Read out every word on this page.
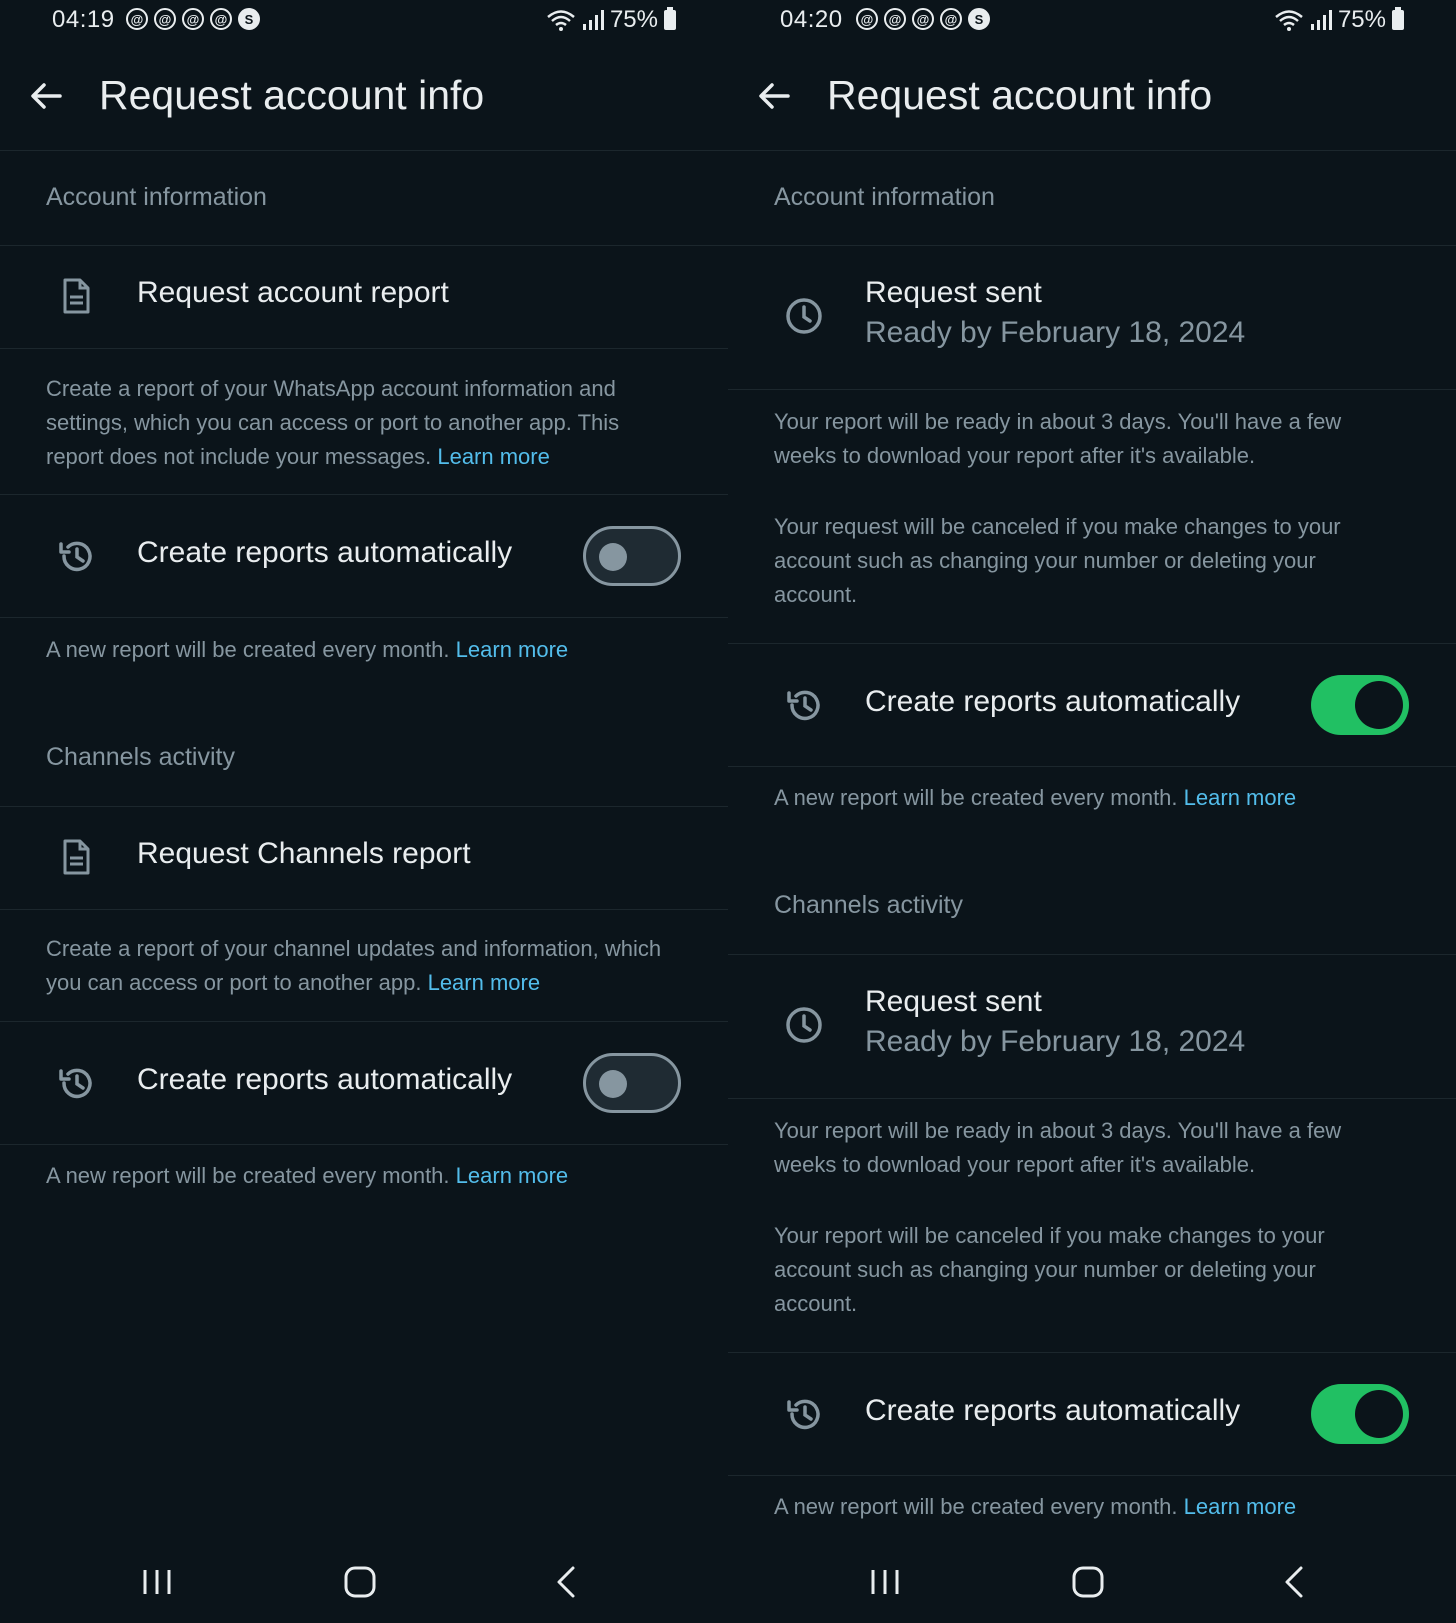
04:19	@	@	@	@	S	75%
Request account info
Account information
Request account report
Create a report of your WhatsApp account information and settings, which you can access or port to another app. This report does not include your messages. Learn more
Create reports automatically
A new report will be created every month. Learn more
Channels activity
Request Channels report
Create a report of your channel updates and information, which you can access or port to another app. Learn more
Create reports automatically
A new report will be created every month. Learn more
04:20	@	@	@	@	S	75%
Request account info
Account information
Request sent
Ready by February 18, 2024
Your report will be ready in about 3 days. You'll have a few weeks to download your report after it's available.
Your request will be canceled if you make changes to your account such as changing your number or deleting your account.
Create reports automatically
A new report will be created every month. Learn more
Channels activity
Request sent
Ready by February 18, 2024
Your report will be ready in about 3 days. You'll have a few weeks to download your report after it's available.
Your report will be canceled if you make changes to your account such as changing your number or deleting your account.
Create reports automatically
A new report will be created every month. Learn more
